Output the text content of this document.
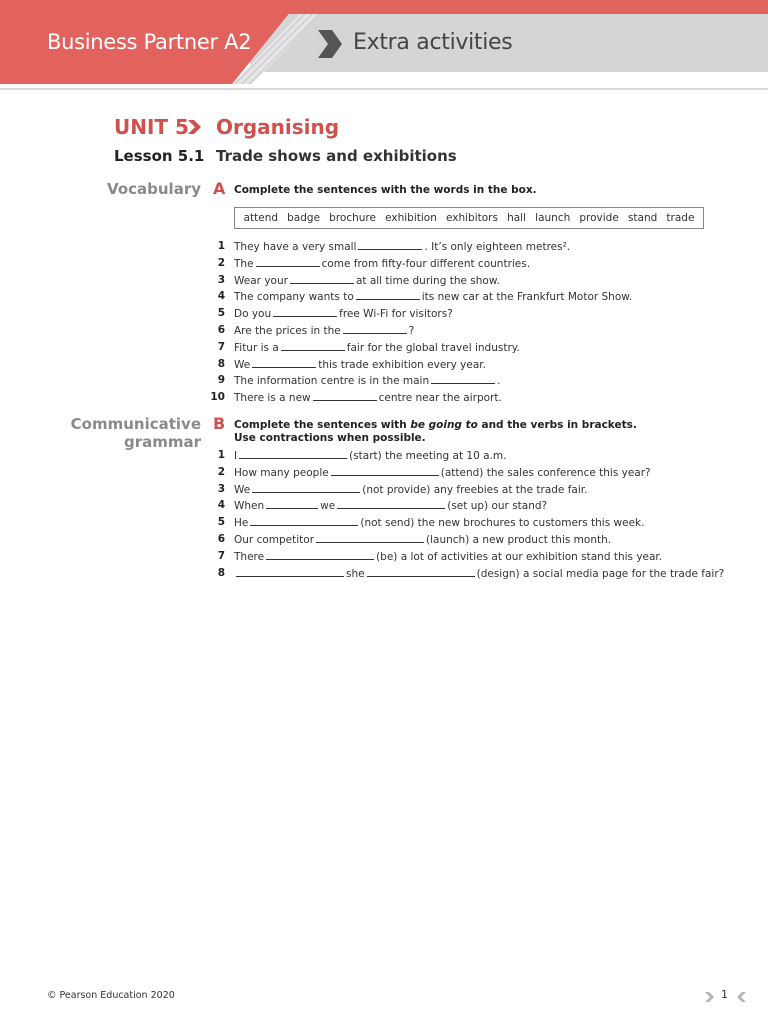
Business Partner A2	Extra activities
UNIT 5 Organising
Lesson 5.1 Trade shows and exhibitions
Vocabulary A Complete the sentences with the words in the box.
attend badge brochure exhibition exhibitors hall launch provide stand trade
1 They have a very small	. It’s only eighteen metres².
2 The	come from fifty-four different countries.
3 Wear your	at all time during the show.
4 The company wants to	its new car at the Frankfurt Motor Show.
5 Do you	free Wi-Fi for visitors?
6 Are the prices in the	?
7 Fitur is a	fair for the global travel industry.
8 We	this trade exhibition every year.
9 The information centre is in the main	.
10 There is a new	centre near the airport.
Communicative
grammar
B Complete the sentences with be going to and the verbs in brackets.
Use contractions when possible.
1 I	(start) the meeting at 10 a.m.
2 How many people	(attend) the sales conference this year?
3 We	(not provide) any freebies at the trade fair.
4 When	we	(set up) our stand?
5 He	(not send) the new brochures to customers this week.
6 Our competitor	(launch) a new product this month.
7 There	(be) a lot of activities at our exhibition stand this year.
8	she	(design) a social media page for the trade fair?
© Pearson Education 2020	1
